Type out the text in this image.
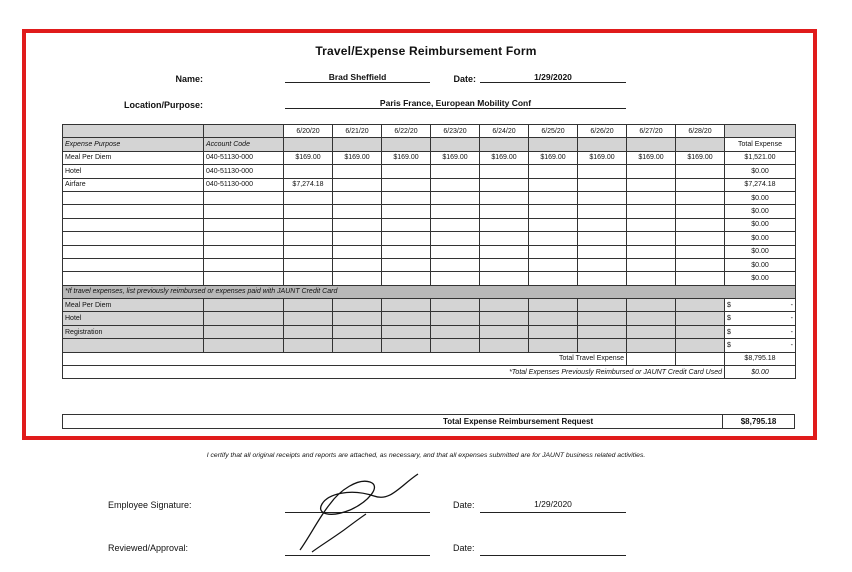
Travel/Expense Reimbursement Form
Name:	Brad Sheffield	Date:	1/29/2020
Location/Purpose:	Paris France, European Mobility Conf
		6/20/20	6/21/20	6/22/20	6/23/20	6/24/20	6/25/20	6/26/20	6/27/20	6/28/20	
Expense Purpose	Account Code										Total Expense
Meal Per Diem	040-51130-000	$169.00	$169.00	$169.00	$169.00	$169.00	$169.00	$169.00	$169.00	$169.00	$1,521.00
Hotel	040-51130-000										$0.00
Airfare	040-51130-000	$7,274.18									$7,274.18
											$0.00
											$0.00
											$0.00
											$0.00
											$0.00
											$0.00
											$0.00
*If travel expenses, list previously reimbursed or expenses paid with JAUNT Credit Card											
Meal Per Diem											$ -

Hotel											$ -

Registration											$ -

											$ -

Total Travel Expense											$8,795.18
*Total Expenses Previously Reimbursed or JAUNT Credit Card Used											$0.00
Total Expense Reimbursement Request	$8,795.18
I certify that all original receipts and reports are attached, as necessary, and that all expenses submitted are for JAUNT business related activities.
Employee Signature:	Date:	1/29/2020
Reviewed/Approval:	Date:
